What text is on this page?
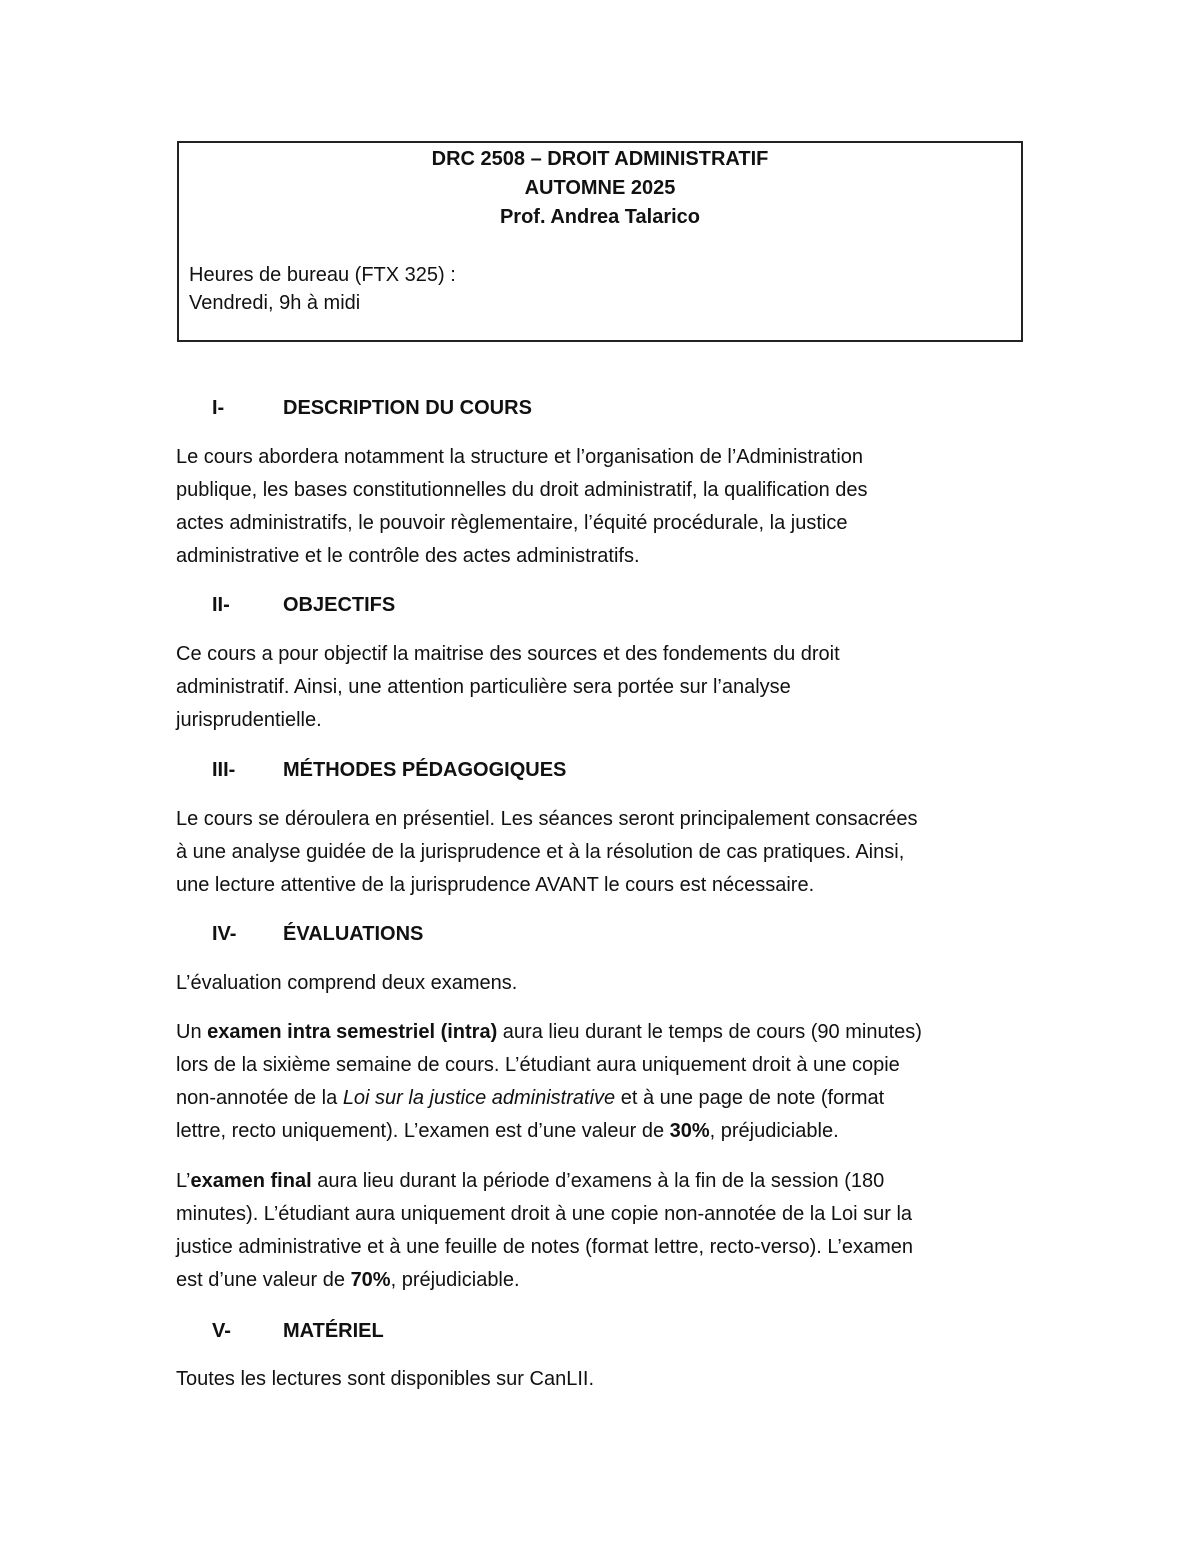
DRC 2508 – DROIT ADMINISTRATIF
AUTOMNE 2025
Prof. Andrea Talarico
Heures de bureau (FTX 325) :
Vendredi, 9h à midi
I-	DESCRIPTION DU COURS
Le cours abordera notamment la structure et l’organisation de l’Administration
publique, les bases constitutionnelles du droit administratif, la qualification des
actes administratifs, le pouvoir règlementaire, l’équité procédurale, la justice
administrative et le contrôle des actes administratifs.
II-	OBJECTIFS
Ce cours a pour objectif la maitrise des sources et des fondements du droit
administratif. Ainsi, une attention particulière sera portée sur l’analyse
jurisprudentielle.
III- MÉTHODES PÉDAGOGIQUES
Le cours se déroulera en présentiel. Les séances seront principalement consacrées
à une analyse guidée de la jurisprudence et à la résolution de cas pratiques. Ainsi,
une lecture attentive de la jurisprudence AVANT le cours est nécessaire.
IV- ÉVALUATIONS
L’évaluation comprend deux examens.
Un examen intra semestriel (intra) aura lieu durant le temps de cours (90 minutes)
lors de la sixième semaine de cours. L’étudiant aura uniquement droit à une copie
non-annotée de la Loi sur la justice administrative et à une page de note (format
lettre, recto uniquement). L’examen est d’une valeur de 30%, préjudiciable.
L’examen final aura lieu durant la période d’examens à la fin de la session (180
minutes). L’étudiant aura uniquement droit à une copie non-annotée de la Loi sur la
justice administrative et à une feuille de notes (format lettre, recto-verso). L’examen
est d’une valeur de 70%, préjudiciable.
V-	MATÉRIEL
Toutes les lectures sont disponibles sur CanLII.
